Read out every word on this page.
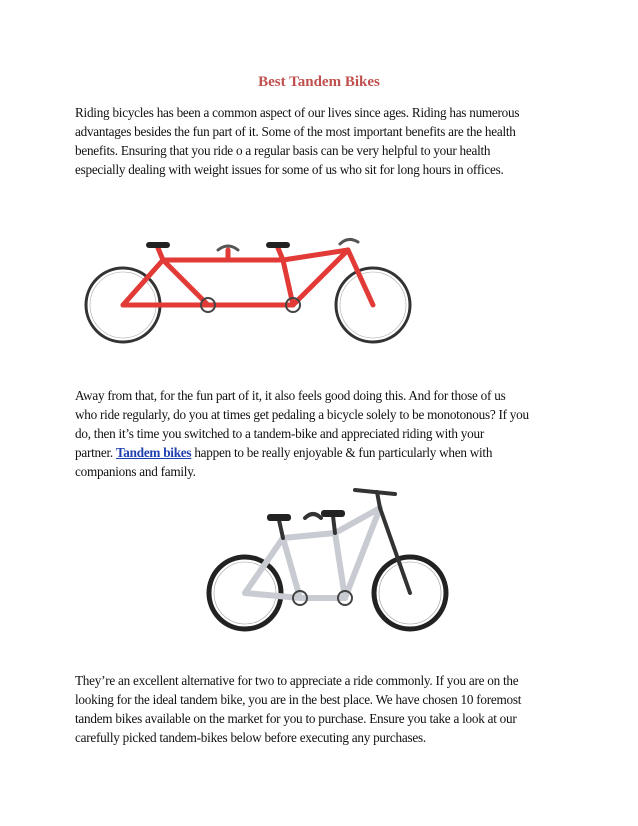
Best Tandem Bikes
Riding bicycles has been a common aspect of our lives since ages. Riding has numerous
advantages besides the fun part of it. Some of the most important benefits are the health
benefits. Ensuring that you ride o a regular basis can be very helpful to your health
especially dealing with weight issues for some of us who sit for long hours in offices.
Away from that, for the fun part of it, it also feels good doing this. And for those of us
who ride regularly, do you at times get pedaling a bicycle solely to be monotonous? If you
do, then it’s time you switched to a tandem-bike and appreciated riding with your
partner. Tandem bikes happen to be really enjoyable & fun particularly when with
companions and family.
They’re an excellent alternative for two to appreciate a ride commonly. If you are on the
looking for the ideal tandem bike, you are in the best place. We have chosen 10 foremost
tandem bikes available on the market for you to purchase. Ensure you take a look at our
carefully picked tandem-bikes below before executing any purchases.
